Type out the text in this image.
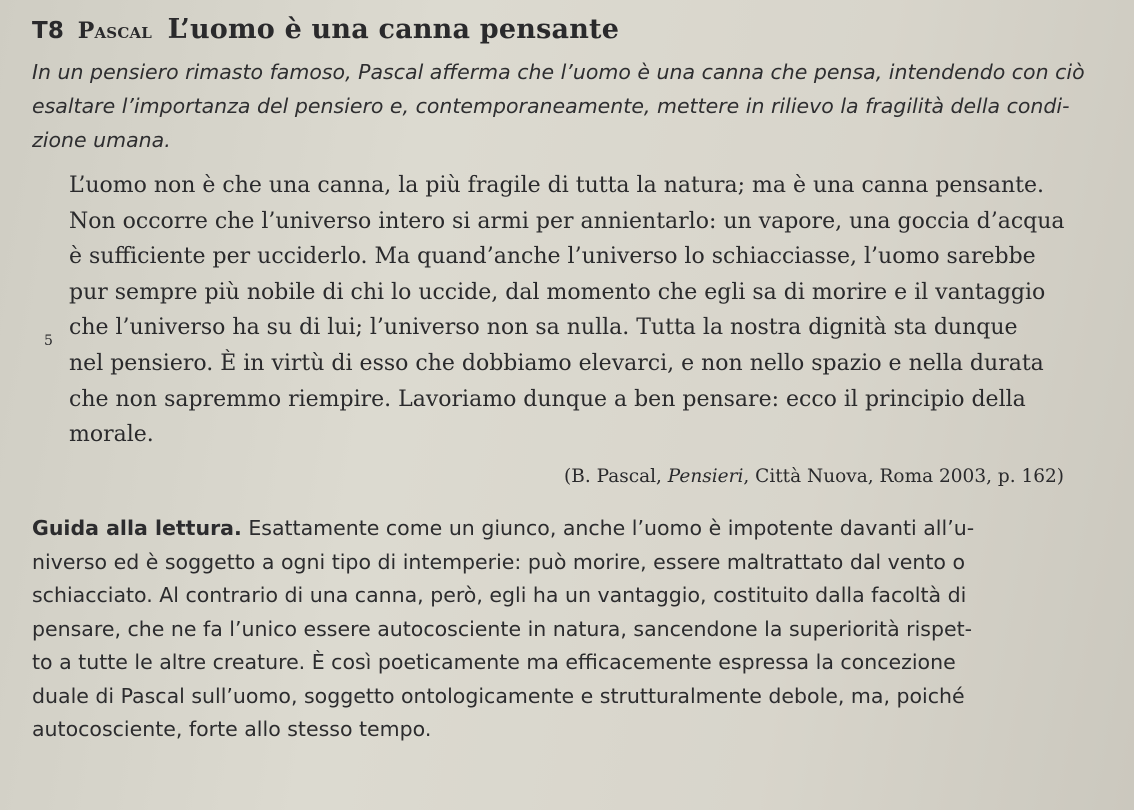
T8 Pascal L’uomo è una canna pensante
In un pensiero rimasto famoso, Pascal afferma che l’uomo è una canna che pensa, intendendo con ciò
esaltare l’importanza del pensiero e, contemporaneamente, mettere in rilievo la fragilità della condi-
zione umana.
L’uomo non è che una canna, la più fragile di tutta la natura; ma è una canna pensante.
Non occorre che l’universo intero si armi per annientarlo: un vapore, una goccia d’acqua
è sufficiente per ucciderlo. Ma quand’anche l’universo lo schiacciasse, l’uomo sarebbe
pur sempre più nobile di chi lo uccide, dal momento che egli sa di morire e il vantaggio
che l’universo ha su di lui; l’universo non sa nulla. Tutta la nostra dignità sta dunque
nel pensiero. È in virtù di esso che dobbiamo elevarci, e non nello spazio e nella durata
che non sapremmo riempire. Lavoriamo dunque a ben pensare: ecco il principio della
morale.
5
(B. Pascal, Pensieri, Città Nuova, Roma 2003, p. 162)
Guida alla lettura. Esattamente come un giunco, anche l’uomo è impotente davanti all’u-
niverso ed è soggetto a ogni tipo di intemperie: può morire, essere maltrattato dal vento o
schiacciato. Al contrario di una canna, però, egli ha un vantaggio, costituito dalla facoltà di
pensare, che ne fa l’unico essere autocosciente in natura, sancendone la superiorità rispet-
to a tutte le altre creature. È così poeticamente ma efficacemente espressa la concezione
duale di Pascal sull’uomo, soggetto ontologicamente e strutturalmente debole, ma, poiché
autocosciente, forte allo stesso tempo.
